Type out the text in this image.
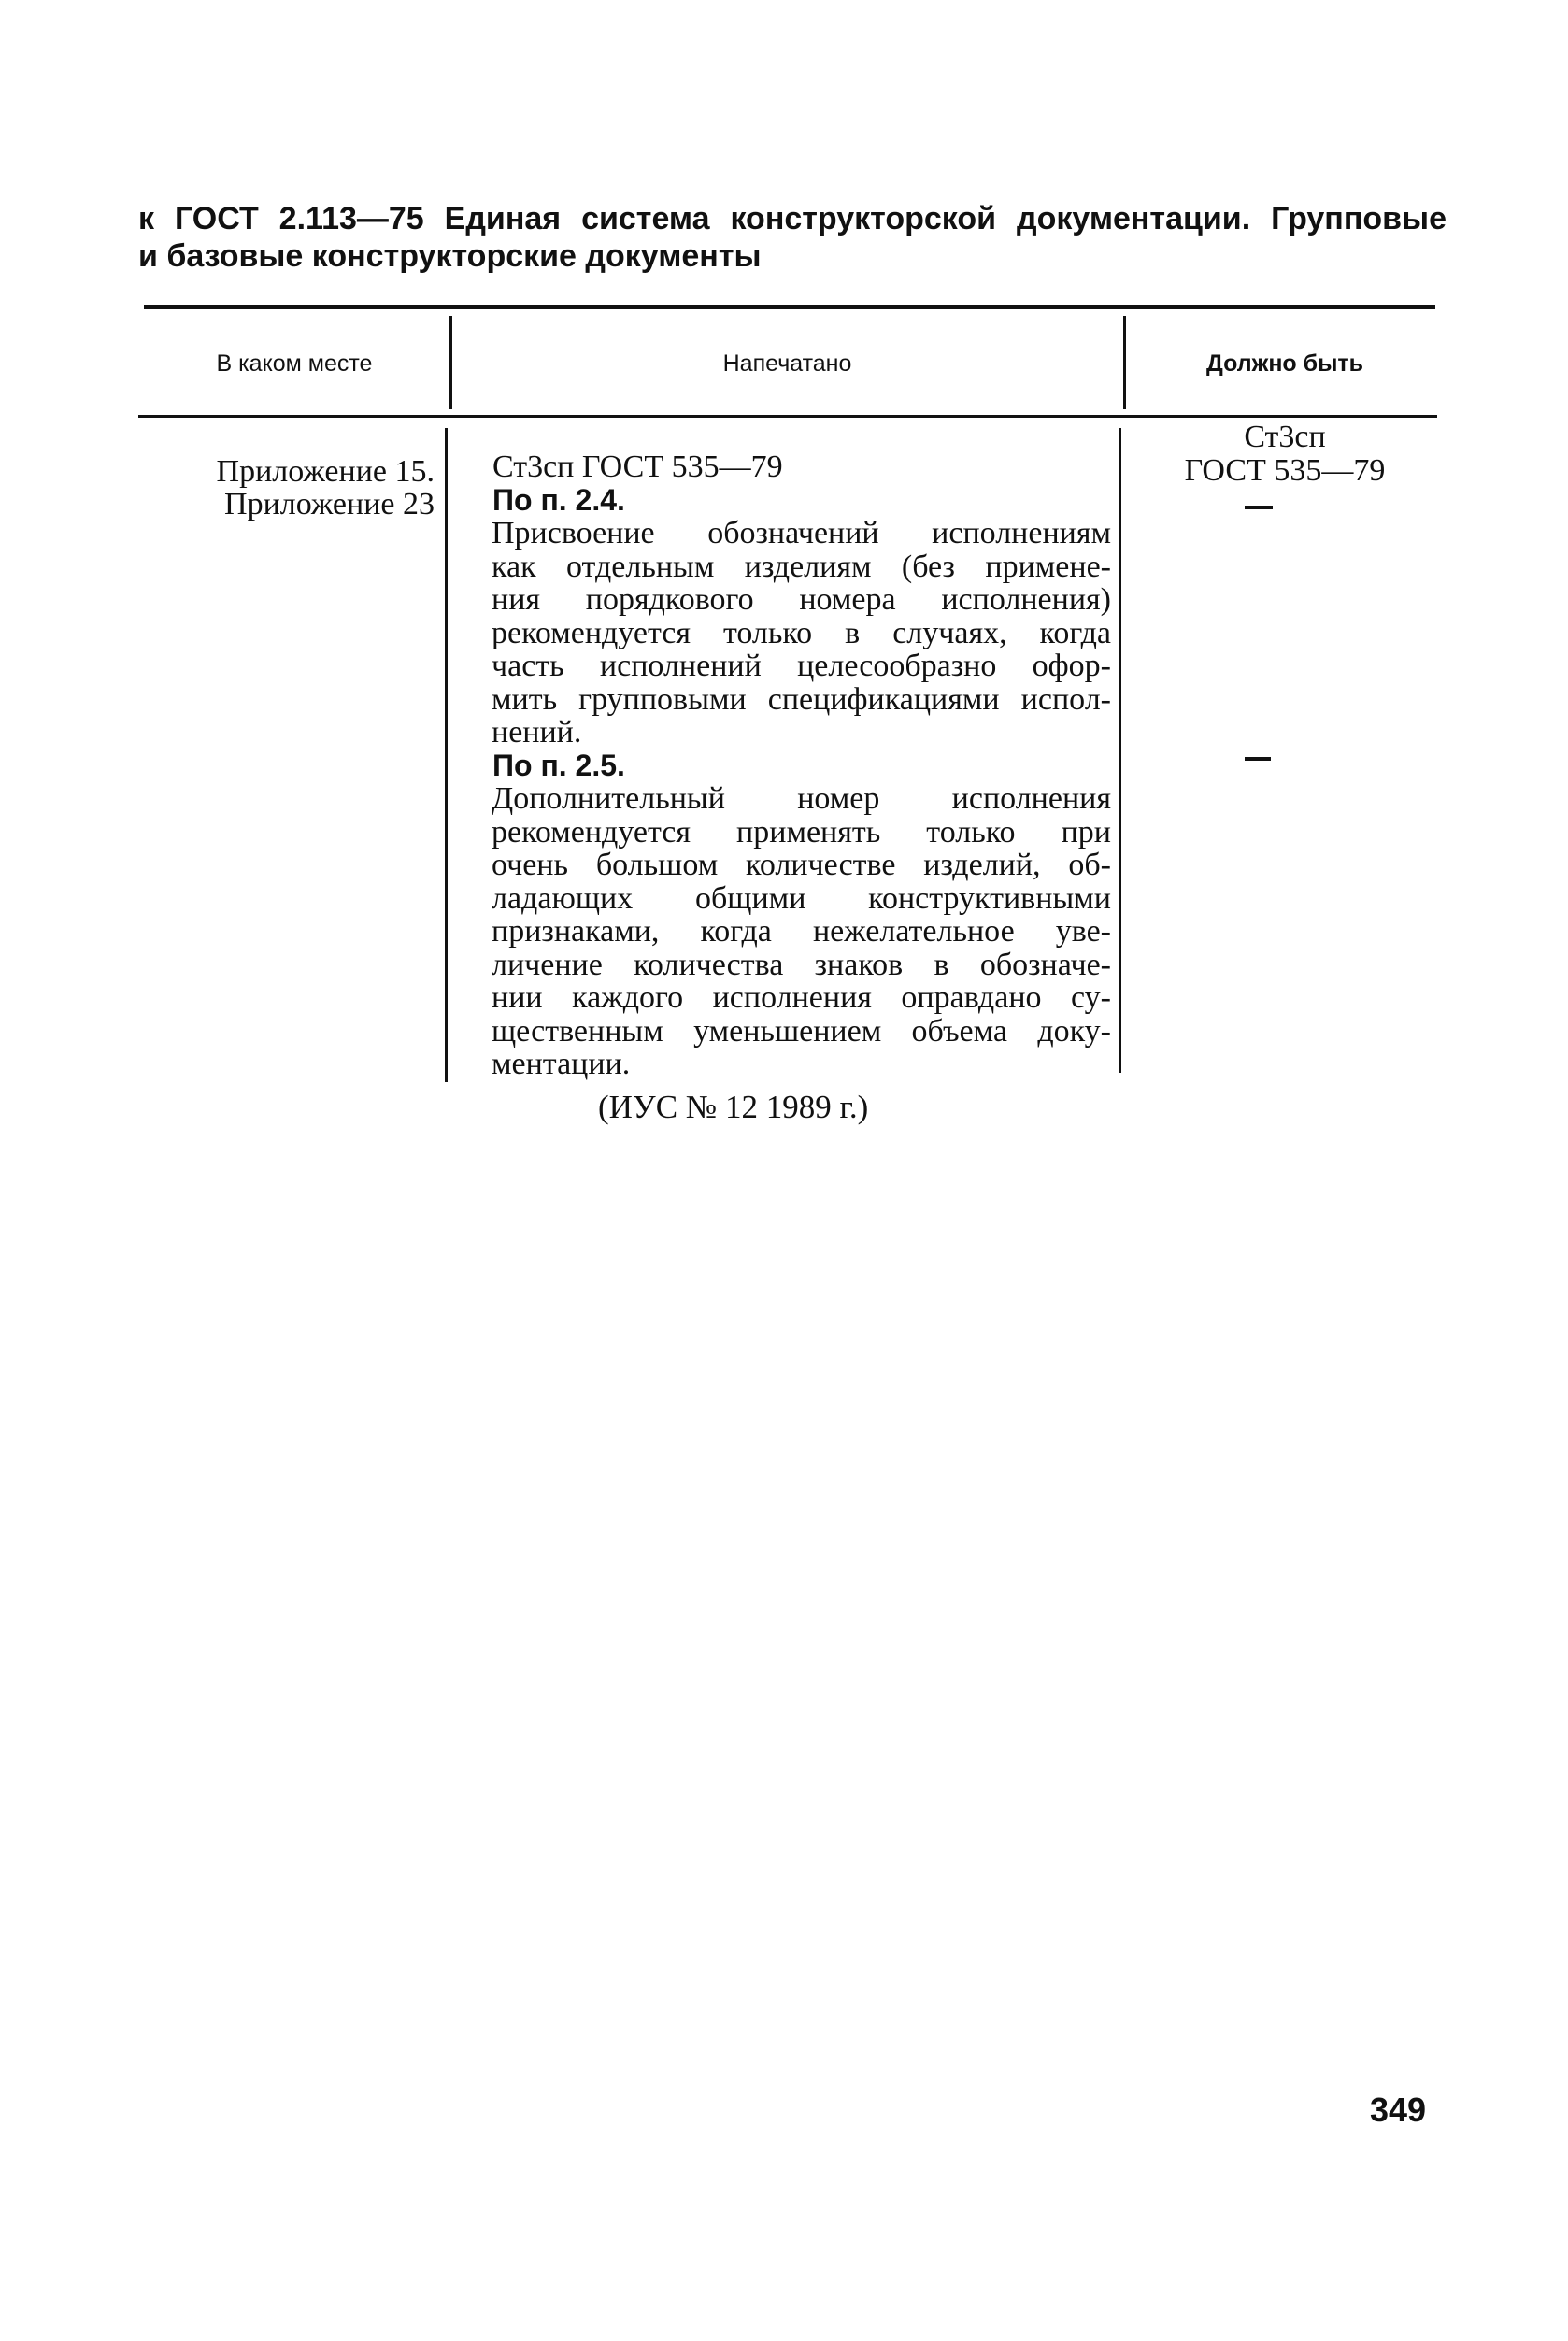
к ГОСТ 2.113—75 Единая система конструкторской документации. Групповые
и базовые конструкторские документы
В каком месте	Напечатано	Должно быть
Приложение 15.
Приложение 23
Ст3сп ГОСТ 535—79
По п. 2.4.
Присвоение обозначений исполнениям
как отдельным изделиям (без примене-
ния порядкового номера исполнения)
рекомендуется только в случаях, когда
часть исполнений целесообразно офор-
мить групповыми спецификациями испол-
нений.
По п. 2.5.
Дополнительный номер исполнения
рекомендуется применять только при
очень большом количестве изделий, об-
ладающих общими конструктивными
признаками, когда нежелательное уве-
личение количества знаков в обозначе-
нии каждого исполнения оправдано су-
щественным уменьшением объема доку-
ментации.
Ст3сп
ГОСТ 535—79
(ИУС № 12 1989 г.)
349
